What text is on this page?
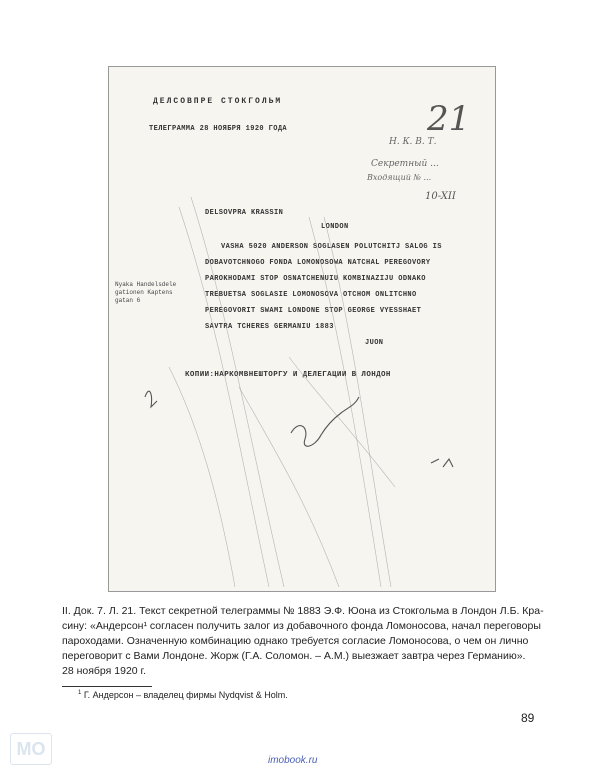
ДЕЛСОВПРЕ СТОКГОЛЬМ
ТЕЛЕГРАММА 28 НОЯБРЯ 1920 ГОДА
Н. К. В. Т.
Секретный ...
Входящий № ...
21
10-XII
DELSOVPRA KRASSIN
LONDON
VASHA 5020 ANDERSON SOGLASEN POLUTCHITJ SALOG IS
DOBAVOTCHNOGO FONDA LOMONOSOWA NATCHAL PEREGOVORY
PAROKHODAMI STOP OSNATCHENUIU KOMBINAZIJU ODNAKO
TREBUETSA SOGLASIE LOMONOSOVA OTCHOM ONLITCHNO
PEREGOVORIT SWAMI LONDONE STOP GEORGE VYESSHAET
SAVTRA TCHERES GERMANIU 1883
JUON
Nyaka Handelsdele
gationen Kaptens
gatan 6
КОПИИ:НАРКОМВНЕШТОРГУ И ДЕЛЕГАЦИИ В ЛОНДОН

II. Док. 7. Л. 21. Текст секретной телеграммы № 1883 Э.Ф. Юона из Стокгольма в Лондон Л.Б. Кра-

сину: «Андерсон¹ согласен получить залог из добавочного фонда Ломоносова, начал переговоры

пароходами. Означенную комбинацию однако требуется согласие Ломоносова, о чем он лично

переговорит с Вами Лондоне. Жорж (Г.А. Соломон. – А.М.) выезжает завтра через Германию».

28 ноября 1920 г.

$^1$ Г. Андерсон – владелец фирмы Nydqvist & Holm.
89
МО
imobook.ru
